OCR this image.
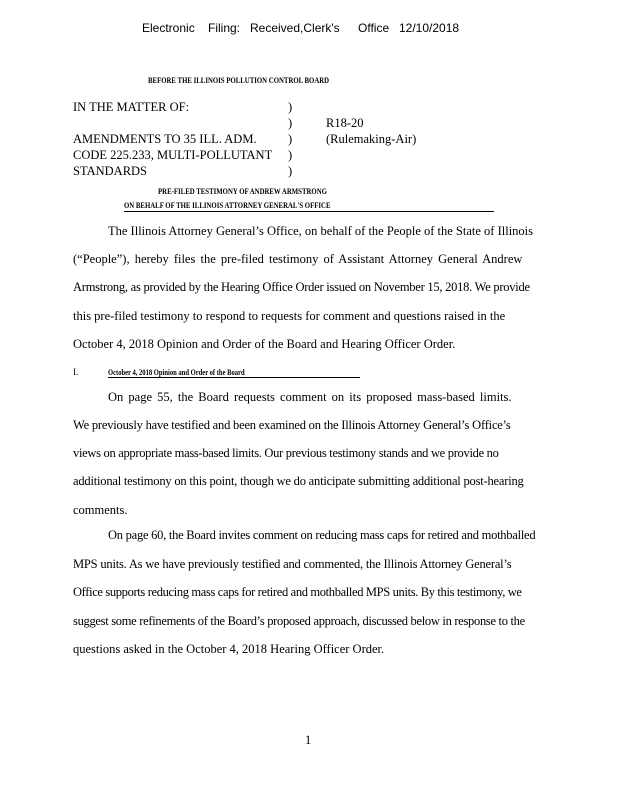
Electronic Filing: Received,Clerk's Office 12/10/2018
BEFORE THE ILLINOIS POLLUTION CONTROL BOARD
IN THE MATTER OF:
AMENDMENTS TO 35 ILL. ADM.
CODE 225.233, MULTI-POLLUTANT
STANDARDS
)
)
)
)
)
R18-20
(Rulemaking-Air)
PRE-FILED TESTIMONY OF ANDREW ARMSTRONG
ON BEHALF OF THE ILLINOIS ATTORNEY GENERAL'S OFFICE
The Illinois Attorney General’s Office, on behalf of the People of the State of Illinois
(“People”), hereby files the pre-filed testimony of Assistant Attorney General Andrew
Armstrong, as provided by the Hearing Office Order issued on November 15, 2018. We provide
this pre-filed testimony to respond to requests for comment and questions raised in the
October 4, 2018 Opinion and Order of the Board and Hearing Officer Order.
I.	October 4, 2018 Opinion and Order of the Board
On page 55, the Board requests comment on its proposed mass-based limits.
We previously have testified and been examined on the Illinois Attorney General’s Office’s
views on appropriate mass-based limits. Our previous testimony stands and we provide no
additional testimony on this point, though we do anticipate submitting additional post-hearing
comments.
On page 60, the Board invites comment on reducing mass caps for retired and mothballed
MPS units. As we have previously testified and commented, the Illinois Attorney General’s
Office supports reducing mass caps for retired and mothballed MPS units. By this testimony, we
suggest some refinements of the Board’s proposed approach, discussed below in response to the
questions asked in the October 4, 2018 Hearing Officer Order.
1
